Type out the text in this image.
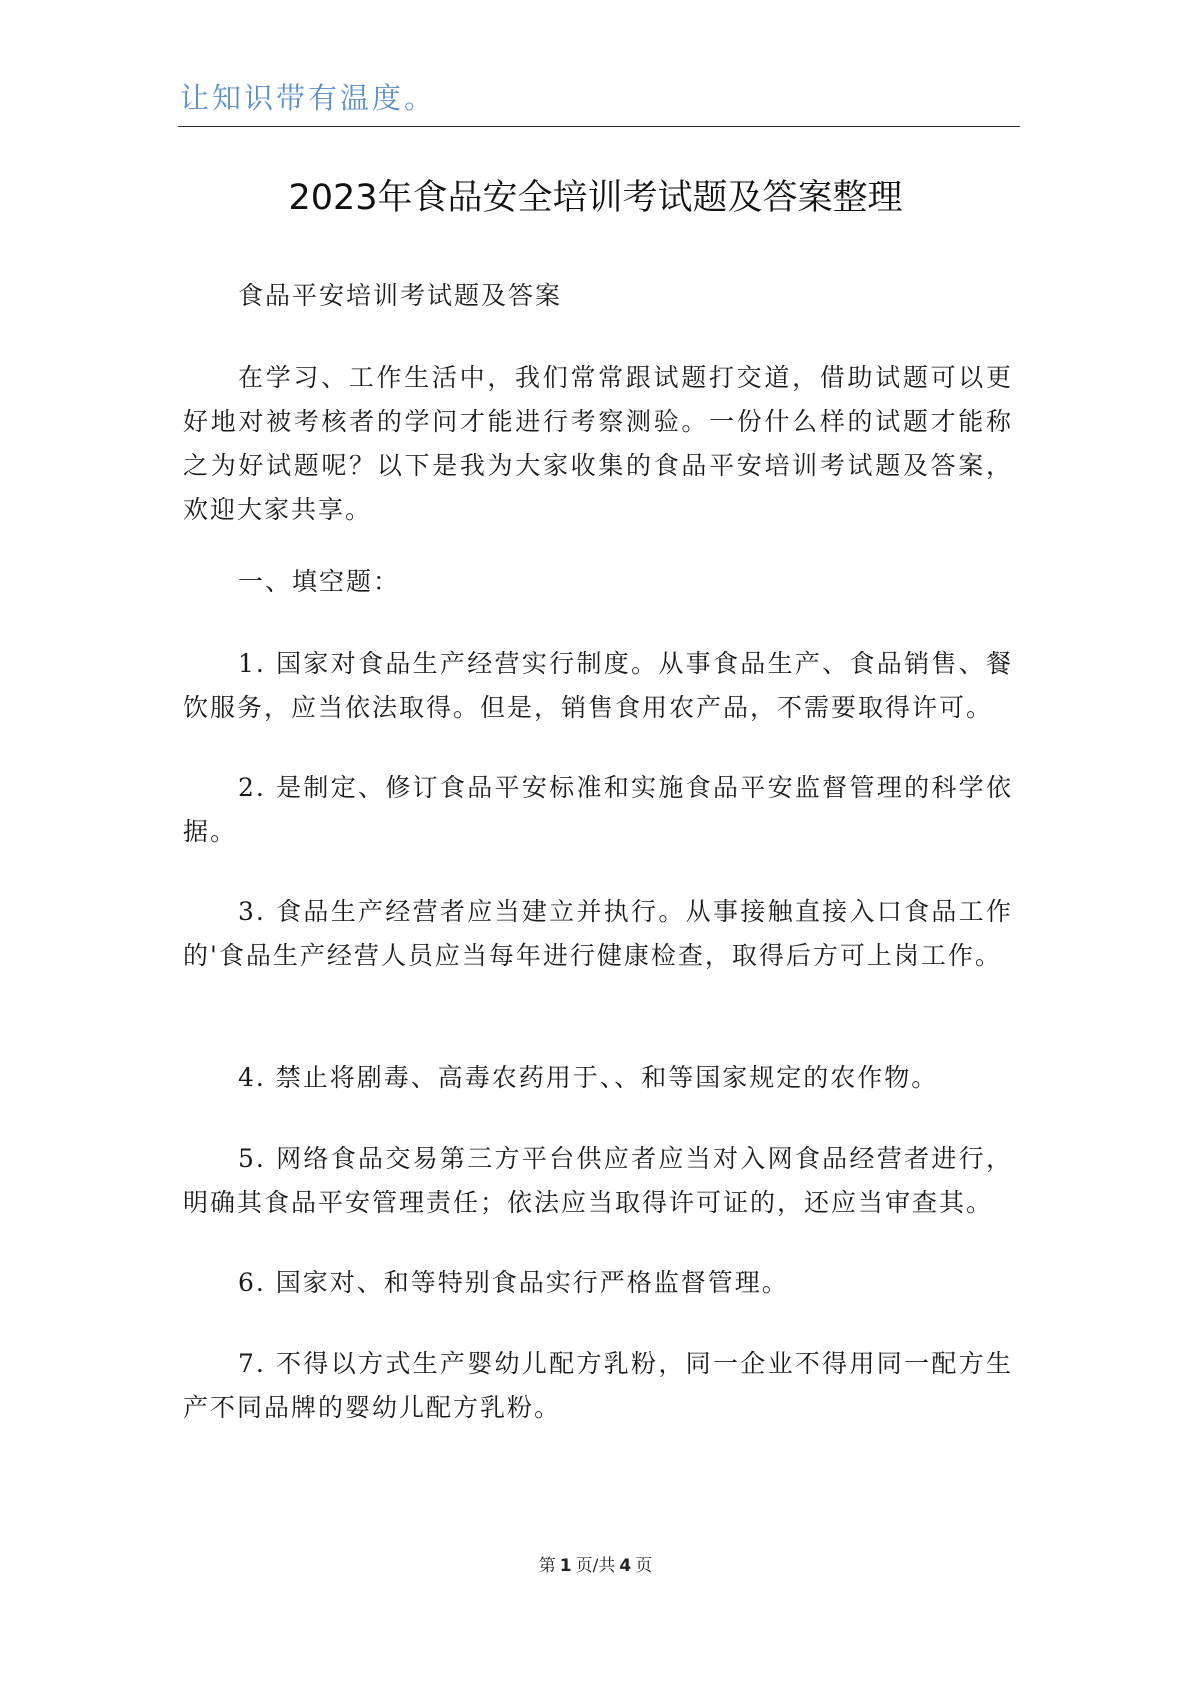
让知识带有温度。
2023年食品安全培训考试题及答案整理

食品平安培训考试题及答案

在学习、工作生活中，我们常常跟试题打交道，借助试题可以更好地对被考核者的学问才能进行考察测验。一份什么样的试题才能称之为好试题呢？以下是我为大家收集的食品平安培训考试题及答案，欢迎大家共享。

一、填空题：

1. 国家对食品生产经营实行制度。从事食品生产、食品销售、餐饮服务，应当依法取得。但是，销售食用农产品，不需要取得许可。

2. 是制定、修订食品平安标准和实施食品平安监督管理的科学依据。

3. 食品生产经营者应当建立并执行。从事接触直接入口食品工作的'食品生产经营人员应当每年进行健康检查，取得后方可上岗工作。

4. 禁止将剧毒、高毒农药用于、、和等国家规定的农作物。

5. 网络食品交易第三方平台供应者应当对入网食品经营者进行，明确其食品平安管理责任；依法应当取得许可证的，还应当审查其。

6. 国家对、和等特别食品实行严格监督管理。

7. 不得以方式生产婴幼儿配方乳粉，同一企业不得用同一配方生产不同品牌的婴幼儿配方乳粉。

第 1 页/共 4 页
